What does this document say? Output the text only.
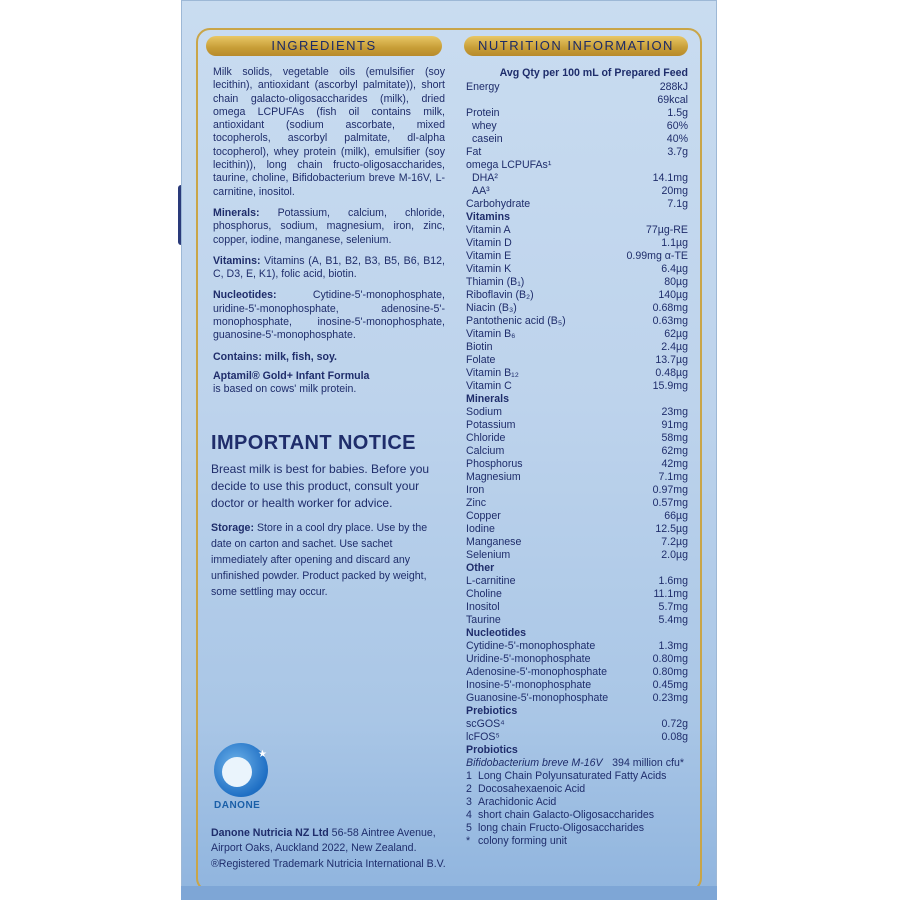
INGREDIENTS	NUTRITION INFORMATION

Milk solids, vegetable oils (emulsifier (soy lecithin), antioxidant (ascorbyl palmitate)), short chain galacto-oligosaccharides (milk), dried omega LCPUFAs (fish oil contains milk, antioxidant (sodium ascorbate, mixed tocopherols, ascorbyl palmitate, dl-alpha tocopherol), whey protein (milk), emulsifier (soy lecithin)), long chain fructo-oligosaccharides, taurine, choline, Bifidobacterium breve M-16V, L-carnitine, inositol.

Minerals: Potassium, calcium, chloride, phosphorus, sodium, magnesium, iron, zinc, copper, iodine, manganese, selenium.

Vitamins: Vitamins (A, B1, B2, B3, B5, B6, B12, C, D3, E, K1), folic acid, biotin.

Nucleotides:	Cytidine-5'-monophosphate, uridine-5'-monophosphate, adenosine-5'-monophosphate, inosine-5'-monophosphate, guanosine-5'-monophosphate.

Contains: milk, fish, soy.

Aptamil® Gold+ Infant Formula
is based on cows' milk protein.

IMPORTANT NOTICE
Breast milk is best for babies. Before you decide to use this product, consult your doctor or health worker for advice.
Storage: Store in a cool dry place. Use by the date on carton and sachet. Use sachet immediately after opening and discard any unfinished powder. Product packed by weight, some settling may occur.
★
DANONE
Danone Nutricia NZ Ltd 56-58 Aintree Avenue, Airport Oaks, Auckland 2022, New Zealand.
®Registered Trademark Nutricia International B.V.
Avg Qty per 100 mL of Prepared Feed
Energy	288kJ
69kcal
Protein	1.5g
whey	60%
casein	40%
Fat	3.7g
omega LCPUFAs¹
DHA²	14.1mg
AA³	20mg
Carbohydrate	7.1g
Vitamins
Vitamin A	77µg-RE
Vitamin D	1.1µg
Vitamin E	0.99mg α-TE
Vitamin K	6.4µg
Thiamin (B₁)	80µg
Riboflavin (B₂)	140µg
Niacin (B₃)	0.68mg
Pantothenic acid (B₅)	0.63mg
Vitamin B₆	62µg
Biotin	2.4µg
Folate	13.7µg
Vitamin B₁₂	0.48µg
Vitamin C	15.9mg
Minerals
Sodium	23mg
Potassium	91mg
Chloride	58mg
Calcium	62mg
Phosphorus	42mg
Magnesium	7.1mg
Iron	0.97mg
Zinc	0.57mg
Copper	66µg
Iodine	12.5µg
Manganese	7.2µg
Selenium	2.0µg
Other
L-carnitine	1.6mg
Choline	11.1mg
Inositol	5.7mg
Taurine	5.4mg
Nucleotides
Cytidine-5'-monophosphate	1.3mg
Uridine-5'-monophosphate	0.80mg
Adenosine-5'-monophosphate	0.80mg
Inosine-5'-monophosphate	0.45mg
Guanosine-5'-monophosphate	0.23mg
Prebiotics
scGOS⁴	0.72g
lcFOS⁵	0.08g
Probiotics
Bifidobacterium breve M-16V 394 million cfu*
1 Long Chain Polyunsaturated Fatty Acids
2 Docosahexaenoic Acid
3 Arachidonic Acid
4 short chain Galacto-Oligosaccharides
5 long chain Fructo-Oligosaccharides
* colony forming unit
